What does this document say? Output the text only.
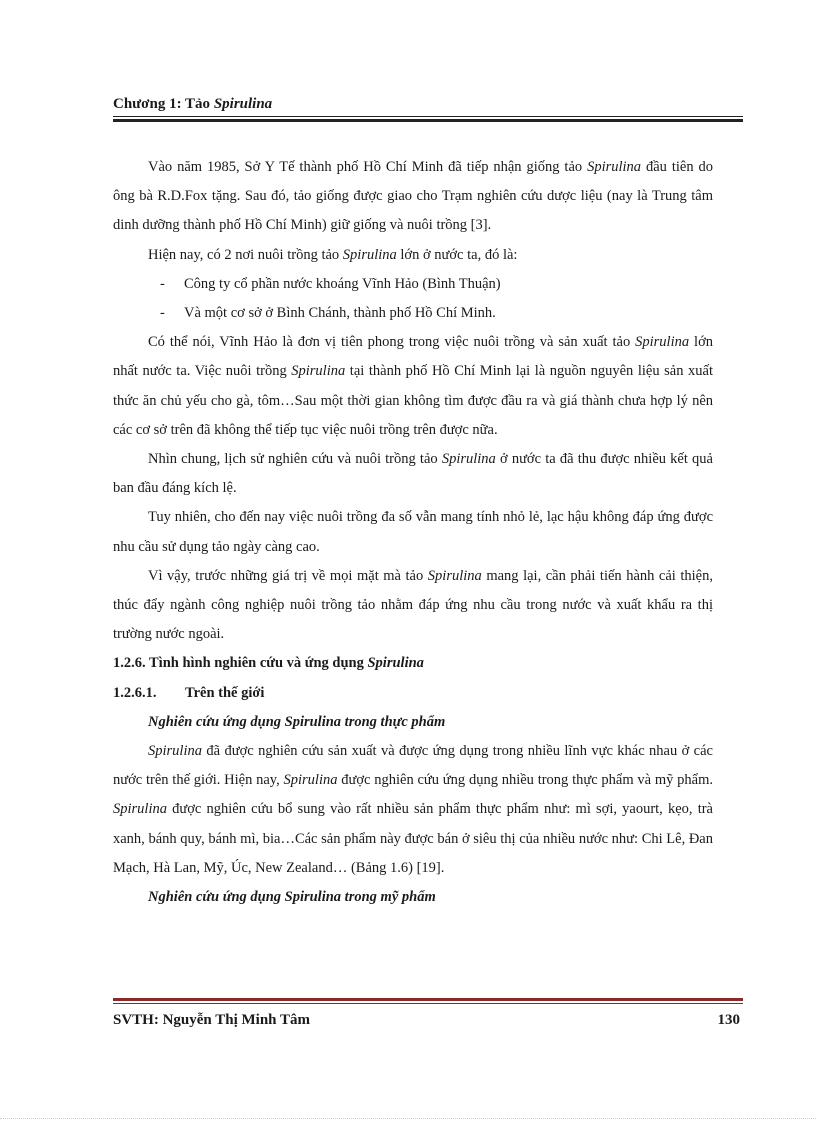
Chương 1: Tảo Spirulina

Vào năm 1985, Sở Y Tế thành phố Hồ Chí Minh đã tiếp nhận giống tảo Spirulina đầu tiên do ông bà R.D.Fox tặng. Sau đó, tảo giống được giao cho Trạm nghiên cứu dược liệu (nay là Trung tâm dinh dưỡng thành phố Hồ Chí Minh) giữ giống và nuôi trồng [3].

Hiện nay, có 2 nơi nuôi trồng tảo Spirulina lớn ở nước ta, đó là:

- Công ty cổ phần nước khoáng Vĩnh Hảo (Bình Thuận)

- Và một cơ sở ở Bình Chánh, thành phố Hồ Chí Minh.

Có thể nói, Vĩnh Hảo là đơn vị tiên phong trong việc nuôi trồng và sản xuất tảo Spirulina lớn nhất nước ta. Việc nuôi trồng Spirulina tại thành phố Hồ Chí Minh lại là nguồn nguyên liệu sản xuất thức ăn chủ yếu cho gà, tôm…Sau một thời gian không tìm được đầu ra và giá thành chưa hợp lý nên các cơ sở trên đã không thể tiếp tục việc nuôi trồng trên được nữa.

Nhìn chung, lịch sử nghiên cứu và nuôi trồng tảo Spirulina ở nước ta đã thu được nhiều kết quả ban đầu đáng kích lệ.

Tuy nhiên, cho đến nay việc nuôi trồng đa số vẫn mang tính nhỏ lẻ, lạc hậu không đáp ứng được nhu cầu sử dụng tảo ngày càng cao.

Vì vậy, trước những giá trị về mọi mặt mà tảo Spirulina mang lại, cần phải tiến hành cải thiện, thúc đẩy ngành công nghiệp nuôi trồng tảo nhằm đáp ứng nhu cầu trong nước và xuất khẩu ra thị trường nước ngoài.

1.2.6. Tình hình nghiên cứu và ứng dụng Spirulina

1.2.6.1. Trên thế giới

Nghiên cứu ứng dụng Spirulina trong thực phẩm

Spirulina đã được nghiên cứu sản xuất và được ứng dụng trong nhiều lĩnh vực khác nhau ở các nước trên thế giới. Hiện nay, Spirulina được nghiên cứu ứng dụng nhiều trong thực phẩm và mỹ phẩm. Spirulina được nghiên cứu bổ sung vào rất nhiều sản phẩm thực phẩm như: mì sợi, yaourt, kẹo, trà xanh, bánh quy, bánh mì, bia…Các sản phẩm này được bán ở siêu thị của nhiều nước như: Chi Lê, Đan Mạch, Hà Lan, Mỹ, Úc, New Zealand… (Bảng 1.6) [19].

Nghiên cứu ứng dụng Spirulina trong mỹ phẩm

SVTH: Nguyễn Thị Minh Tâm	130
